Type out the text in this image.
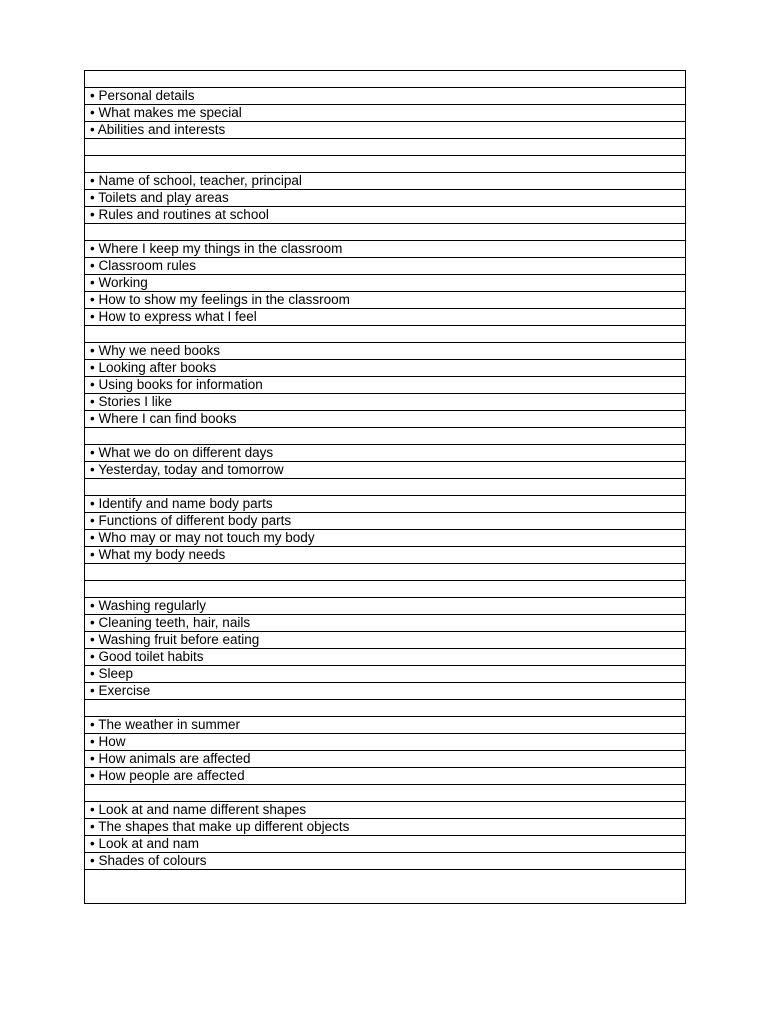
• Personal details
• What makes me special
• Abilities and interests
• Name of school, teacher, principal
• Toilets and play areas
• Rules and routines at school
• Where I keep my things in the classroom
• Classroom rules
• Working
• How to show my feelings in the classroom
• How to express what I feel
• Why we need books
• Looking after books
• Using books for information
• Stories I like
• Where I can find books
• What we do on different days
• Yesterday, today and tomorrow
• Identify and name body parts
• Functions of different body parts
• Who may or may not touch my body
• What my body needs
• Washing regularly
• Cleaning teeth, hair, nails
• Washing fruit before eating
• Good toilet habits
• Sleep
• Exercise
• The weather in summer
• How
• How animals are affected
• How people are affected
• Look at and name different shapes
• The shapes that make up different objects
• Look at and nam
• Shades of colours
